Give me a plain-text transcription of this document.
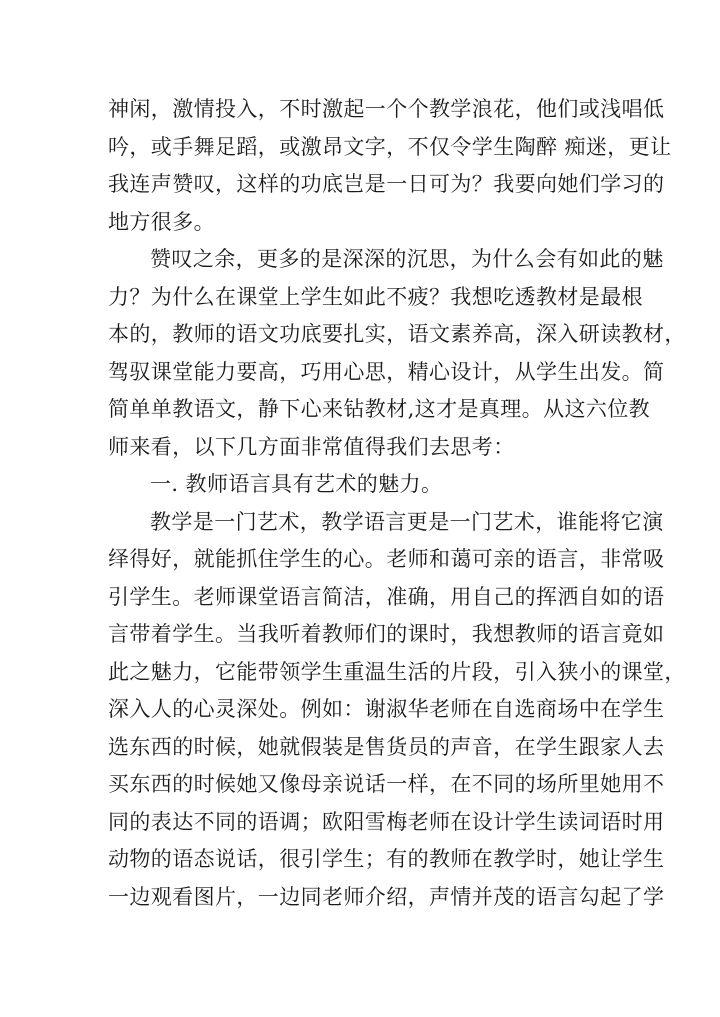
神闲，激情投入，不时激起一个个教学浪花，他们或浅唱低
吟，或手舞足蹈，或激昂文字，不仅令学生陶醉 痴迷，更让
我连声赞叹，这样的功底岂是一日可为？我要向她们学习的
地方很多。
赞叹之余，更多的是深深的沉思，为什么会有如此的魅
力？为什么在课堂上学生如此不疲？我想吃透教材是最根
本的，教师的语文功底要扎实，语文素养高，深入研读教材，
驾驭课堂能力要高，巧用心思，精心设计，从学生出发。简
简单单教语文，静下心来钻教材,这才是真理。从这六位教
师来看，以下几方面非常值得我们去思考：
一. 教师语言具有艺术的魅力。
教学是一门艺术，教学语言更是一门艺术，谁能将它演
绎得好，就能抓住学生的心。老师和蔼可亲的语言，非常吸
引学生。老师课堂语言简洁，准确，用自己的挥洒自如的语
言带着学生。当我听着教师们的课时，我想教师的语言竟如
此之魅力，它能带领学生重温生活的片段，引入狭小的课堂，
深入人的心灵深处。例如：谢淑华老师在自选商场中在学生
选东西的时候，她就假装是售货员的声音，在学生跟家人去
买东西的时候她又像母亲说话一样，在不同的场所里她用不
同的表达不同的语调；欧阳雪梅老师在设计学生读词语时用
动物的语态说话，很引学生；有的教师在教学时，她让学生
一边观看图片，一边同老师介绍，声情并茂的语言勾起了学
